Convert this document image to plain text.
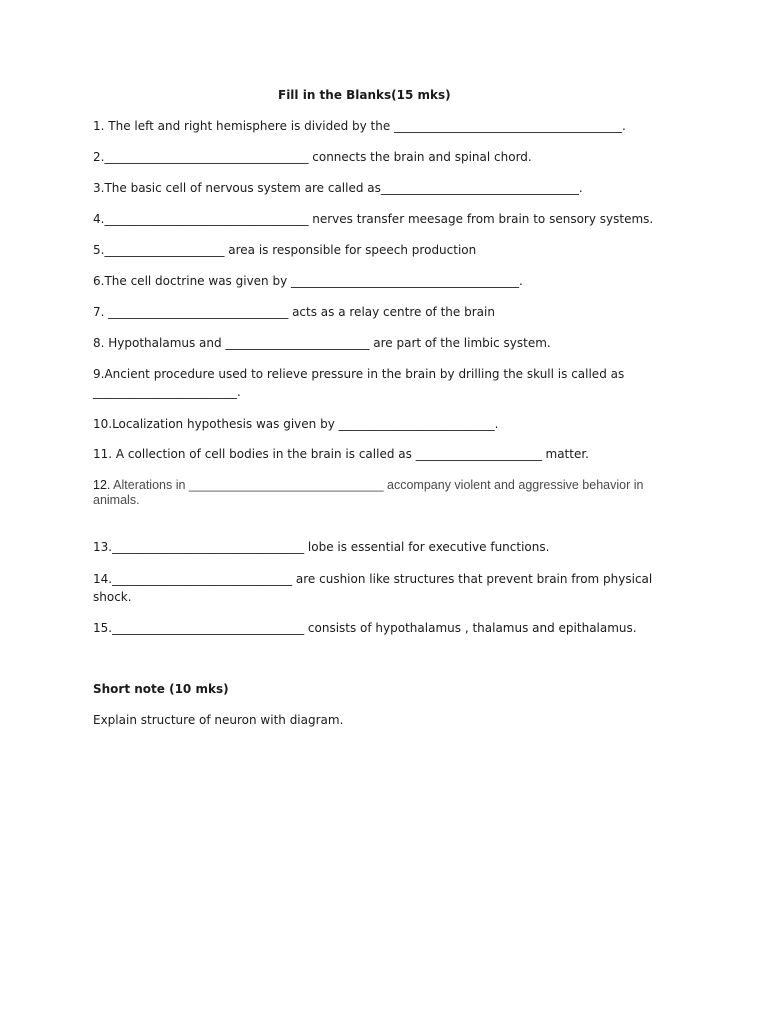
Fill in the Blanks(15 mks)
1. The left and right hemisphere is divided by the ______________________________________.
2.__________________________________ connects the brain and spinal chord.
3.The basic cell of nervous system are called as_________________________________.
4.__________________________________ nerves transfer meesage from brain to sensory systems.
5.____________________ area is responsible for speech production
6.The cell doctrine was given by ______________________________________.
7. ______________________________ acts as a relay centre of the brain
8. Hypothalamus and ________________________ are part of the limbic system.
9.Ancient procedure used to relieve pressure in the brain by drilling the skull is called as ________________________.
10.Localization hypothesis was given by __________________________.
11. A collection of cell bodies in the brain is called as _____________________ matter.
12. Alterations in ____________________________ accompany violent and aggressive behavior in animals.
13.________________________________ lobe is essential for executive functions.
14.______________________________ are cushion like structures that prevent brain from physical shock.
15.________________________________ consists of hypothalamus , thalamus and epithalamus.
Short note (10 mks)
Explain structure of neuron with diagram.
